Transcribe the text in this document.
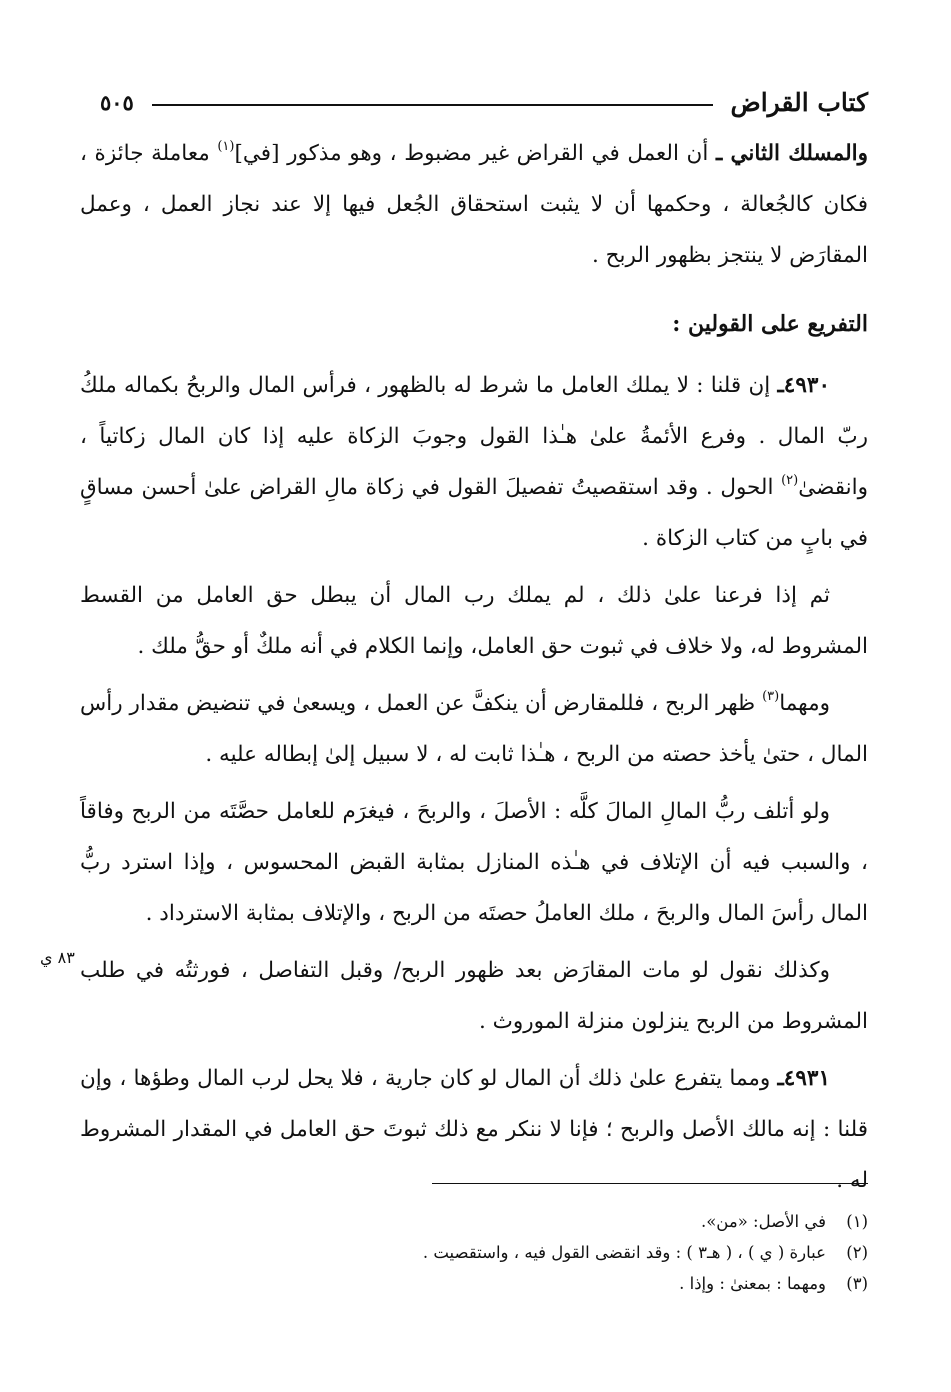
كتاب القراض
٥٠٥

والمسلك الثاني ـ أن العمل في القراض غير مضبوط ، وهو مذكور [في]$^{(١)}$ معاملة جائزة ، فكان كالجُعالة ، وحكمها أن لا يثبت استحقاق الجُعل فيها إلا عند نجاز العمل ، وعمل المقارَض لا ينتجز بظهور الربح .

التفريع على القولين :

٤٩٣٠ـ إن قلنا : لا يملك العامل ما شرط له بالظهور ، فرأس المال والربحُ بكماله ملكُ ربّ المال . وفرع الأئمةُ علىٰ هـٰذا القول وجوبَ الزكاة عليه إذا كان المال زكاتياً ، وانقضىٰ$^{(٢)}$ الحول . وقد استقصيتُ تفصيلَ القول في زكاة مالِ القراض علىٰ أحسن مساقٍ في بابٍ من كتاب الزكاة .

ثم إذا فرعنا علىٰ ذلك ، لم يملك رب المال أن يبطل حق العامل من القسط المشروط له، ولا خلاف في ثبوت حق العامل، وإنما الكلام في أنه ملكٌ أو حقُّ ملك .

ومهما$^{(٣)}$ ظهر الربح ، فللمقارض أن ينكفَّ عن العمل ، ويسعىٰ في تنضيض مقدار رأس المال ، حتىٰ يأخذ حصته من الربح ، هـٰذا ثابت له ، لا سبيل إلىٰ إبطاله عليه .

ولو أتلف ربُّ المالِ المالَ كلَّه : الأصلَ ، والربحَ ، فيغرَم للعامل حصَّتَه من الربح وفاقاً ، والسبب فيه أن الإتلاف في هـٰذه المنازل بمثابة القبض المحسوس ، وإذا استرد ربُّ المال رأسَ المال والربحَ ، ملك العاملُ حصتَه من الربح ، والإتلاف بمثابة الاسترداد .

وكذلك نقول لو مات المقارَض بعد ظهور الربح/ وقبل التفاصل ، فورثتُه في طلب المشروط من الربح ينزلون منزلة الموروث .

٤٩٣١ـ ومما يتفرع علىٰ ذلك أن المال لو كان جارية ، فلا يحل لرب المال وطؤها ، وإن قلنا : إنه مالك الأصل والربح ؛ فإنا لا ننكر مع ذلك ثبوتَ حق العامل في المقدار المشروط له .

٨٣ ي
(١)
في الأصل: «من».
(٢)
عبارة ( ي ) ، ( هـ٣ ) : وقد انقضى القول فيه ، واستقصيت .
(٣)
ومهما : بمعنىٰ : وإذا .
